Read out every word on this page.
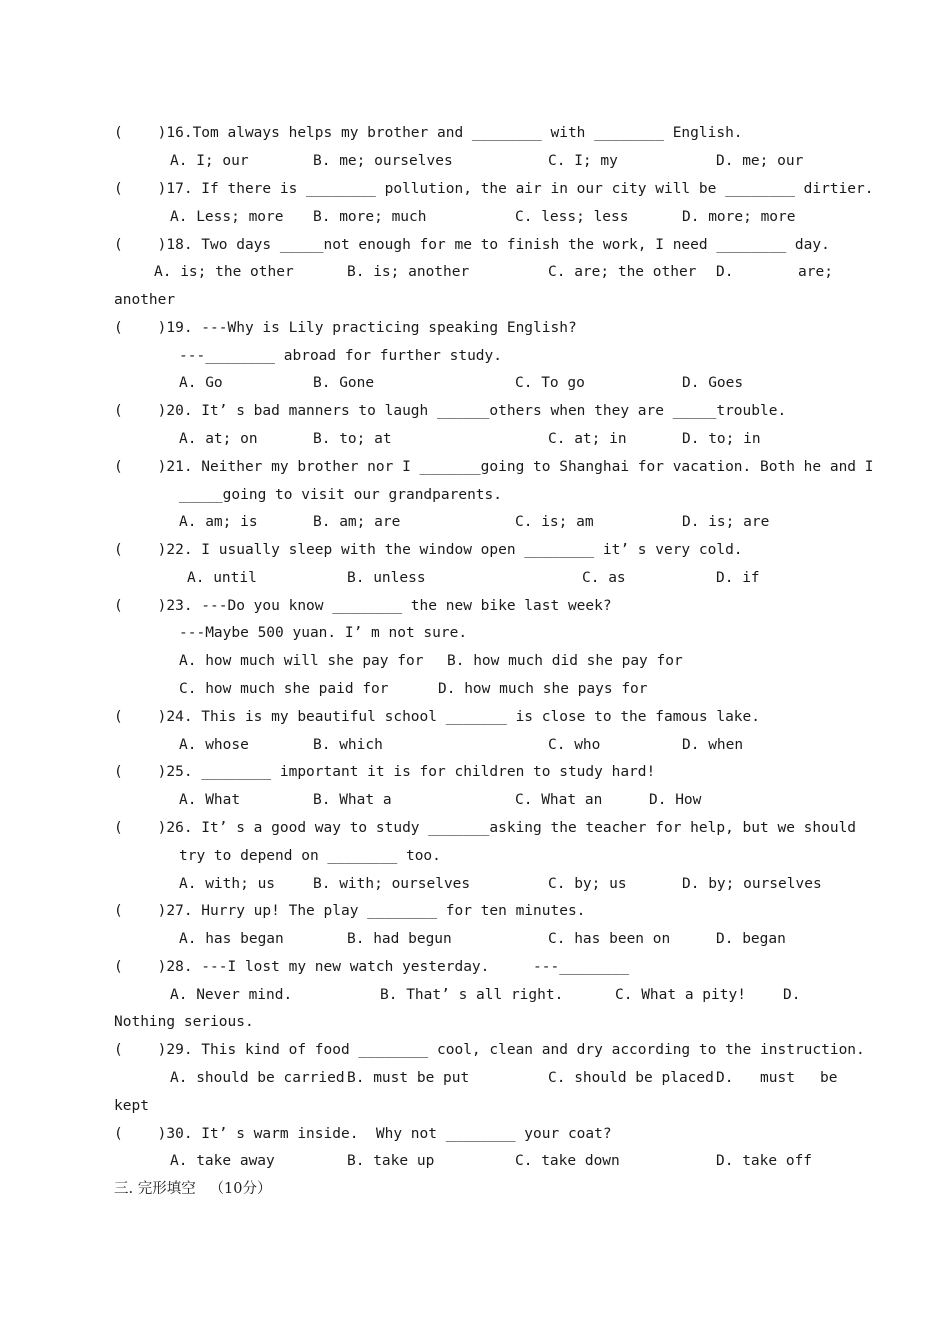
(    )16.Tom always helps my brother and ________ with ________ English.
A. I; our	B. me; ourselves	C. I; my	D. me; our
(    )17. If there is ________ pollution, the air in our city will be ________ dirtier.
A. Less; more B. more; much	C. less; less	D. more; more
(    )18. Two days _____not enough for me to finish the work, I need ________ day.
A. is; the other	B. is; another	C. are; the other D.	are;
another
(    )19. ---Why is Lily practicing speaking English?
---________ abroad for further study.
A. Go	B. Gone	C. To go	D. Goes
(    )20. It’ s bad manners to laugh ______others when they are _____trouble.
A. at; on	B. to; at	C. at; in	D. to; in
(    )21. Neither my brother nor I _______going to Shanghai for vacation. Both he and I
_____going to visit our grandparents.
A. am; is	B. am; are	C. is; am	D. is; are
(    )22. I usually sleep with the window open ________ it’ s very cold.
A. until	B. unless	C. as	D. if
(    )23. ---Do you know ________ the new bike last week?
---Maybe 500 yuan. I’ m not sure.
A. how much will she pay for B. how much did she pay for
C. how much she paid for	D. how much she pays for
(    )24. This is my beautiful school _______ is close to the famous lake.
A. whose	B. which	C. who	D. when
(    )25. ________ important it is for children to study hard!
A. What	B. What a	C. What an	D. How
(    )26. It’ s a good way to study _______asking the teacher for help, but we should
try to depend on ________ too.
A. with; us	B. with; ourselves	C. by; us	D. by; ourselves
(    )27. Hurry up! The play ________ for ten minutes.
A. has began	B. had begun	C. has been on	D. began
(    )28. ---I lost my new watch yesterday.     ---________
A. Never mind.	B. That’ s all right.	C. What a pity!	D.
Nothing serious.
(    )29. This kind of food ________ cool, clean and dry according to the instruction.
A. should be carried B. must be put	C. should be placed D. must be
kept
(    )30. It’ s warm inside.  Why not ________ your coat?
A. take away	B. take up	C. take down	D. take off
三. 完形填空   （10分）
